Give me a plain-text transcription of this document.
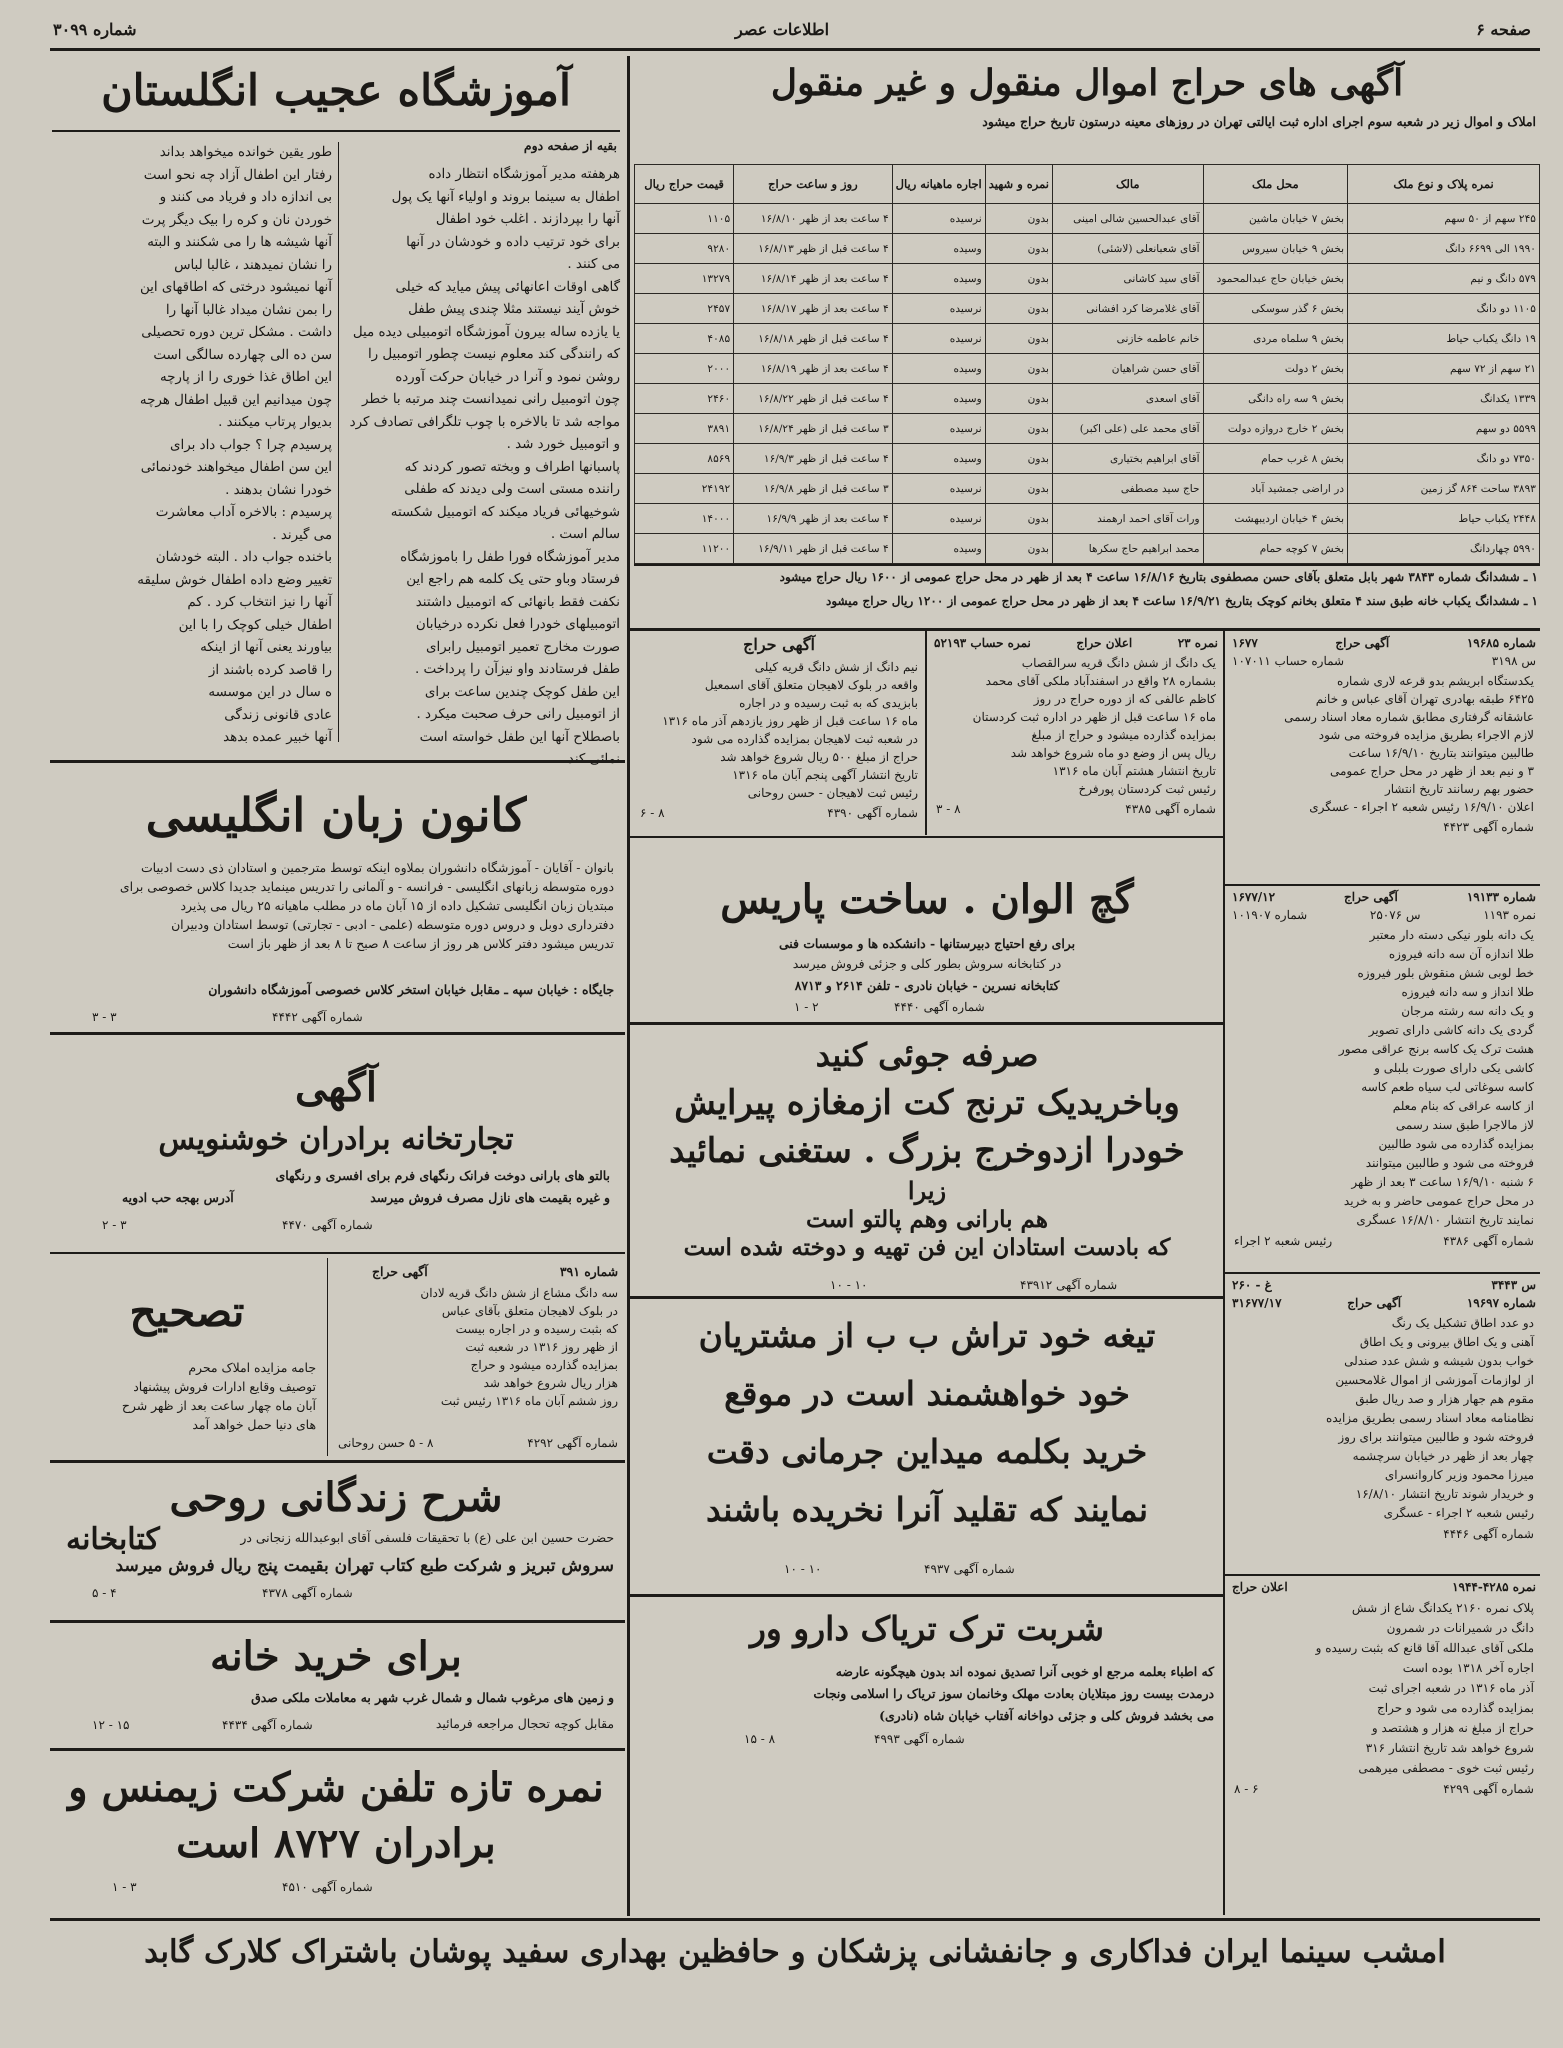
صفحه ۶
اطلاعات عصر
شماره ۳۰۹۹
آموزشگاه عجیب انگلستان
بقیه از صفحه دوم
هرهفته مدیر آموزشگاه انتظار داده
اطفال به سینما بروند و اولیاء آنها یک پول
آنها را بپردازند . اغلب خود اطفال
برای خود ترتیب داده و خودشان در آنها
می کنند .
گاهی اوقات اعانهائی پیش میاید که خیلی
خوش آیند نیستند مثلا چندی پیش طفل
یا یازده ساله بیرون آموزشگاه اتومبیلی دیده میل
که رانندگی کند معلوم نیست چطور اتومبیل را
روشن نمود و آنرا در خیابان حرکت آورده
چون اتومبیل رانی نمیدانست چند مرتبه با خطر
مواجه شد تا بالاخره با چوب تلگرافی تصادف کرد
و اتومبیل خورد شد .
پاسبانها اطراف و وبخته تصور کردند که
راننده مستی است ولی دیدند که طفلی
شوخیهائی فریاد میکند که اتومبیل شکسته
سالم است .
مدیر آموزشگاه فورا طفل را باموزشگاه
فرستاد وباو حتی یک کلمه هم راجع این
نکفت فقط بانهائی که اتومبیل داشتند
اتومبیلهای خودرا فعل نکرده درخیابان
صورت مخارج تعمیر اتومبیل رابرای
طفل فرستادند واو نیزآن را پرداخت .
این طفل کوچک چندین ساعت برای
از اتومبیل رانی حرف صحبت میکرد .
باصطلاح آنها این طفل خواسته است
طور یقین خوانده میخواهد بداند
رفتار این اطفال آزاد چه نحو است
بی اندازه داد و فریاد می کنند و
خوردن نان و کره را بیک دیگر پرت
آنها شیشه ها را می شکنند و البته
را نشان نمیدهند ، غالبا لباس
آنها نمیشود درختی که اطاقهای این
را بمن نشان میداد غالبا آنها را
داشت . مشکل ترین دوره تحصیلی
سن ده الی چهارده سالگی است
این اطاق غذا خوری را از پارچه
چون میدانیم این قبیل اطفال هرچه
بدیوار پرتاب میکنند .
پرسیدم چرا ؟ جواب داد برای
این سن اطفال میخواهند خودنمائی
خودرا نشان بدهند .
پرسیدم : بالاخره آداب معاشرت
می گیرند .
باخنده جواب داد . البته خودشان
تغییر وضع داده اطفال خوش سلیقه
آنها را نیز انتخاب کرد . کم
اطفال خیلی کوچک را با این
بیاورند یعنی آنها از اینکه
را قاصد کرده باشند از
ه سال در این موسسه
عادی قانونی زندگی
آنها خبیر عمده بدهد
کانون زبان انگلیسی
بانوان - آقایان - آموزشگاه دانشوران بملاوه اینکه توسط مترجمین و استادان ذی دست ادبیات
دوره متوسطه زبانهای انگلیسی - فرانسه - و آلمانی را تدریس مینماید جدیدا کلاس خصوصی برای
مبتدیان زبان انگلیسی تشکیل داده از ۱۵ آبان ماه در مطلب ماهیانه ۲۵ ریال می پذیرد
دفترداری دوبل و دروس دوره متوسطه (علمی - ادبی - تجارتی) توسط استادان ودبیران
تدریس میشود دفتر کلاس هر روز از ساعت ۸ صبح تا ۸ بعد از ظهر باز است
جایگاه : خیابان سپه ـ مقابل خیابان استخر کلاس خصوصی آموزشگاه دانشوران
شماره آگهی ۴۴۴۲
۳ - ۳
آگهی
تجارتخانه برادران خوشنویس
بالتو های بارانی دوخت فرانک رنگهای فرم برای افسری و رنگهای
و غیره بقیمت های نازل مصرف فروش میرسد
آدرس بهجه حب ادویه
شماره آگهی ۴۴۷۰
۳ - ۲
تصحیح
جامه مزایده املاک محرم
توصیف وقایع ادارات فروش پیشنهاد
آبان ماه چهار ساعت بعد از ظهر شرح
های دنیا حمل خواهد آمد
شماره ۳۹۱
آگهی حراج
سه دانگ مشاع از شش دانگ قریه لادان
در بلوک لاهیجان متعلق بآقای عباس
که بثبت رسیده و در اجاره بیست
از ظهر روز ۱۳۱۶ در شعبه ثبت
بمزایده گذارده میشود و حراج
هزار ریال شروع خواهد شد
روز ششم آبان ماه ۱۳۱۶ رئیس ثبت
شماره آگهی ۴۲۹۲
۸ - ۵ حسن روحانی
شرح زندگانی روحی
حضرت حسین ابن علی (ع) با تحقیقات فلسفی آقای ابوعبدالله زنجانی در
کتابخانه
سروش تبریز و شرکت طبع کتاب تهران بقیمت پنج ریال فروش میرسد
شماره آگهی ۴۳۷۸
۴ - ۵
برای خرید خانه
و زمین های مرغوب شمال و شمال غرب شهر به معاملات ملکی صدق
مقابل کوچه تحجال مراجعه فرمائید
شماره آگهی ۴۴۳۴
۱۵ - ۱۲
نمره تازه تلفن شرکت زیمنس و
برادران ۸۷۲۷ است
شماره آگهی ۴۵۱۰
۳ - ۱
آگهی های حراج اموال منقول و غیر منقول
املاک و اموال زیر در شعبه سوم اجرای اداره ثبت ایالتی تهران در روزهای معینه درستون تاریخ حراج میشود
نمره پلاک و نوع ملک	محل ملک	مالک	نمره و شهید	اجاره ماهیانه ریال	روز و ساعت حراج	قیمت حراج ریال
۲۴۵ سهم از ۵۰ سهم	بخش ۷ خیابان ماشین	آقای عبدالحسین شالی امینی	بدون	نرسیده	۴ ساعت بعد از ظهر ۱۶/۸/۱۰	۱۱۰۵
۱۹۹۰ الی ۶۶۹۹ دانگ	بخش ۹ خیابان سیروس	آقای شعبانعلی (لاشئی)	بدون	وسیده	۴ ساعت قبل از ظهر ۱۶/۸/۱۳	۹۲۸۰
۵۷۹ دانگ و نیم	بخش خیابان حاج عبدالمحمود	آقای سید کاشانی	بدون	وسیده	۴ ساعت بعد از ظهر ۱۶/۸/۱۴	۱۳۲۷۹
۱۱۰۵ دو دانگ	بخش ۶ گذر سوسکی	آقای غلامرضا کرد افشانی	بدون	نرسیده	۴ ساعت بعد از ظهر ۱۶/۸/۱۷	۲۴۵۷
۱۹ دانگ یکباب حیاط	بخش ۹ سلماه مردی	خانم عاطمه خازنی	بدون	نرسیده	۴ ساعت قبل از ظهر ۱۶/۸/۱۸	۴۰۸۵
۲۱ سهم از ۷۲ سهم	بخش ۲ دولت	آقای حسن شراهیان	بدون	وسیده	۴ ساعت بعد از ظهر ۱۶/۸/۱۹	۲۰۰۰
۱۳۳۹ یکدانگ	بخش ۹ سه راه دانگی	آقای اسعدی	بدون	وسیده	۴ ساعت قبل از ظهر ۱۶/۸/۲۲	۲۴۶۰
۵۵۹۹ دو سهم	بخش ۲ خارج دروازه دولت	آقای محمد علی (علی اکبر)	بدون	نرسیده	۳ ساعت قبل از ظهر ۱۶/۸/۲۴	۳۸۹۱
۷۳۵۰ دو دانگ	بخش ۸ غرب حمام	آقای ابراهیم بختیاری	بدون	وسیده	۴ ساعت قبل از ظهر ۱۶/۹/۳	۸۵۶۹
۳۸۹۳ ساحت ۸۶۴ گز زمین	در اراضی جمشید آباد	حاج سید مصطفی	بدون	نرسیده	۳ ساعت قبل از ظهر ۱۶/۹/۸	۲۴۱۹۲
۲۴۴۸ یکباب حیاط	بخش ۴ خیابان اردیبهشت	ورات آقای احمد ارهمند	بدون	نرسیده	۴ ساعت بعد از ظهر ۱۶/۹/۹	۱۴۰۰۰
۵۹۹۰ چهاردانگ	بخش ۷ کوچه حمام	محمد ابراهیم حاج سکرها	بدون	وسیده	۴ ساعت قبل از ظهر ۱۶/۹/۱۱	۱۱۲۰۰
۱ ـ ششدانگ شماره ۳۸۴۳ شهر بابل متعلق بآقای حسن مصطفوی بتاریخ ۱۶/۸/۱۶ ساعت ۴ بعد از ظهر در محل حراج عمومی از ۱۶۰۰ ریال حراج میشود
۱ ـ ششدانگ یکباب خانه طبق سند ۴ متعلق بخانم کوچک بتاریخ ۱۶/۹/۲۱ ساعت ۴ بعد از ظهر در محل حراج عمومی از ۱۲۰۰ ریال حراج میشود
شماره ۱۹۶۸۵
آگهی حراج
۱۶۷۷
س ۳۱۹۸
شماره حساب ۱۰۷۰۱۱
یکدستگاه ابریشم بدو قرعه لاری شماره
۶۴۲۵ طبقه بهادری تهران آقای عباس و خانم
عاشقانه گرفتاری مطابق شماره معاد اسناد رسمی
لازم الاجراء بطریق مزایده فروخته می شود
طالبین میتوانند بتاریخ ۱۶/۹/۱۰ ساعت
۳ و نیم بعد از ظهر در محل حراج عمومی
حضور بهم رسانند تاریخ انتشار
اعلان ۱۶/۹/۱۰ رئیس شعبه ۲ اجراء - عسگری
شماره آگهی ۴۴۲۳
نمره ۲۳
اعلان حراج
نمره حساب ۵۲۱۹۳
یک دانگ از شش دانگ قریه سرالقصاب
بشماره ۲۸ واقع در اسفندآباد ملکی آقای محمد
کاظم عالفی که از دوره حراج در روز
ماه ۱۶ ساعت قبل از ظهر در اداره ثبت کردستان
بمزایده گذارده میشود و حراج از مبلغ
ریال پس از وضع دو ماه شروع خواهد شد
تاریخ انتشار هشتم آبان ماه ۱۳۱۶
رئیس ثبت کردستان پورفرخ
شماره آگهی ۴۳۸۵
۸ - ۳
آگهی حراج
نیم دانگ از شش دانگ قریه کیلی
واقعه در بلوک لاهیجان متعلق آقای اسمعیل
بابزیدی که به ثبت رسیده و در اجاره
ماه ۱۶ ساعت قبل از ظهر روز یازدهم آذر ماه ۱۳۱۶
در شعبه ثبت لاهیجان بمزایده گذارده می شود
حراج از مبلغ ۵۰۰ ریال شروع خواهد شد
تاریخ انتشار آگهی پنجم آبان ماه ۱۳۱۶
رئیس ثبت لاهیجان - حسن روحانی
شماره آگهی ۴۳۹۰
۸ - ۶
گچ الوان . ساخت پاریس
برای رفع احتیاج دبیرستانها - دانشکده ها و موسسات فنی
در کتابخانه سروش بطور کلی و جزئی فروش میرسد
کتابخانه نسرین - خیابان نادری - تلفن ۲۶۱۴ و ۸۷۱۳
شماره آگهی ۴۴۴۰
۲ - ۱
صرفه جوئی کنید
وباخریدیک ترنج کت ازمغازه پیرایش
خودرا ازدوخرج بزرگ . ستغنی نمائید
زیرا
هم بارانی وهم پالتو است
که بادست استادان این فن تهیه و دوخته شده است
شماره آگهی ۴۳۹۱۲
۱۰ - ۱۰
تیغه خود تراش ب ب از مشتریان
خود خواهشمند است در موقع
خرید بکلمه میداین جرمانی دقت
نمایند که تقلید آنرا نخریده باشند
شماره آگهی ۴۹۳۷
۱۰ - ۱۰
شربت ترک تریاک دارو ور
که اطباء بعلمه مرجع او خوبی آنرا تصدیق نموده اند بدون هیچگونه عارضه
درمدت بیست روز مبتلایان بعادت مهلک وخانمان سوز تریاک را اسلامی ونجات
می بخشد فروش کلی و جزئی دواخانه آفتاب خیابان شاه (نادری)
شماره آگهی ۴۹۹۳
۸ - ۱۵
شماره ۱۹۱۳۳
آگهی حراج
۱۶۷۷/۱۲
نمره ۱۱۹۳
س ۲۵۰۷۶
شماره ۱۰۱۹۰۷
یک دانه بلور نیکی دسته دار معتبر
طلا اندازه آن سه دانه فیروزه
خط لوبی شش منقوش بلور فیروزه
طلا انداز و سه دانه فیروزه
و یک دانه سه رشته مرجان
گردی یک دانه کاشی دارای تصویر
هشت ترک یک کاسه برنج عراقی مصور
کاشی یکی دارای صورت بلبلی و
کاسه سوغاتی لب سیاه طعم کاسه
از کاسه عراقی که بنام معلم
لاز مالاجرا طبق سند رسمی
بمزایده گذارده می شود طالبین
فروخته می شود و طالبین میتوانند
۶ شنبه ۱۶/۹/۱۰ ساعت ۳ بعد از ظهر
در محل حراج عمومی حاضر و به خرید
نمایند تاریخ انتشار ۱۶/۸/۱۰ عسگری
شماره آگهی ۴۳۸۶
رئیس شعبه ۲ اجراء
س ۳۴۴۳
غ - ۲۶۰
شماره ۱۹۶۹۷
آگهی حراج
۳۱۶۷۷/۱۷
دو عدد اطاق تشکیل یک رنگ
آهنی و یک اطاق بیرونی و یک اطاق
خواب بدون شیشه و شش عدد صندلی
از لوازمات آموزشی از اموال غلامحسین
مقوم هم جهار هزار و صد ریال طبق
نظامنامه معاد اسناد رسمی بطریق مزایده
فروخته شود و طالبین میتوانند برای روز
چهار بعد از ظهر در خیابان سرچشمه
میرزا محمود وزیر کاروانسرای
و خریدار شوند تاریخ انتشار ۱۶/۸/۱۰
رئیس شعبه ۲ اجراء - عسگری
شماره آگهی ۴۴۴۶
نمره ۴۲۸۵-۱۹۴۴
اعلان حراج
پلاک نمره ۲۱۶۰ یکدانگ شاع از شش
دانگ در شمیرانات در شمرون
ملکی آقای عبدالله آقا قانع که بثبت رسیده و
اجاره آخر ۱۳۱۸ بوده است
آذر ماه ۱۳۱۶ در شعبه اجرای ثبت
بمزایده گذارده می شود و حراج
حراج از مبلغ نه هزار و هشتصد و
شروع خواهد شد تاریخ انتشار ۳۱۶
رئیس ثبت خوی - مصطفی میرهمی
شماره آگهی ۴۲۹۹
۶ - ۸
امشب سینما ایران فداکاری و جانفشانی پزشکان و حافظین بهداری سفید پوشان باشتراک کلارک گابد
